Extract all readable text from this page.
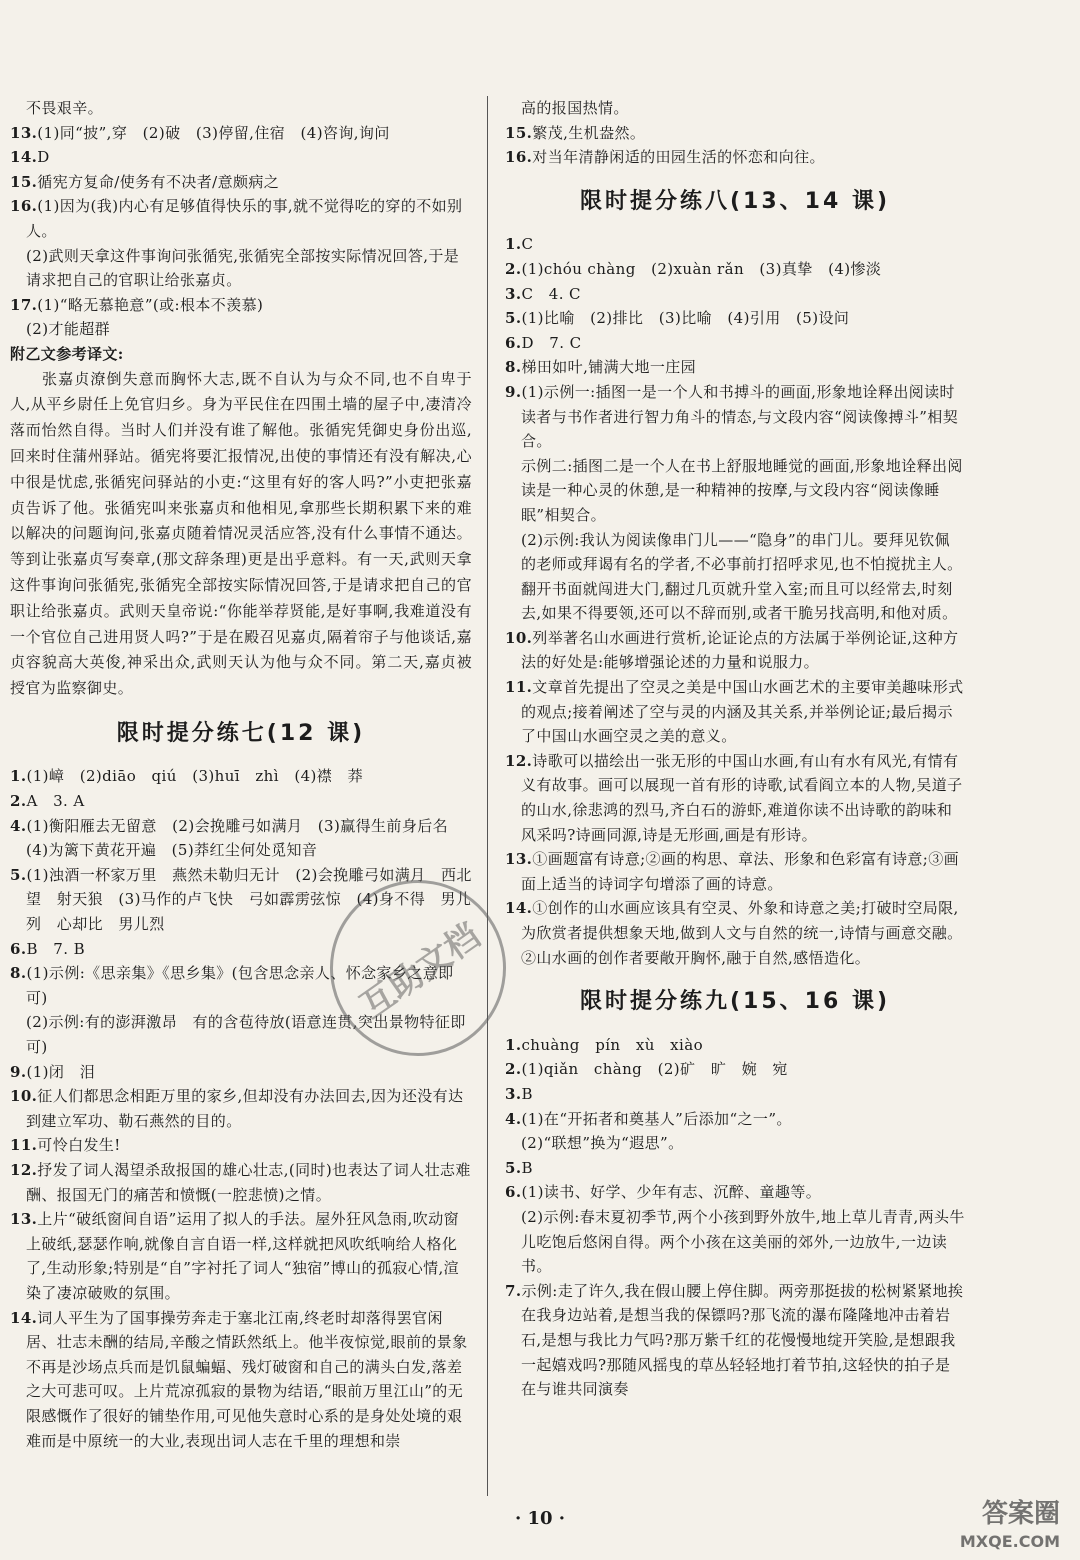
不畏艰辛。
13.(1)同“披”,穿　(2)破　(3)停留,住宿　(4)咨询,询问
14.D
15.循宪方复命/使务有不决者/意颇病之
16.(1)因为(我)内心有足够值得快乐的事,就不觉得吃的穿的不如别人。
(2)武则天拿这件事询问张循宪,张循宪全部按实际情况回答,于是请求把自己的官职让给张嘉贞。
17.(1)“略无慕艳意”(或:根本不羡慕)
(2)才能超群
附乙文参考译文:

张嘉贞潦倒失意而胸怀大志,既不自认为与众不同,也不自卑于人,从平乡尉任上免官归乡。身为平民住在四围土墙的屋子中,凄清冷落而怡然自得。当时人们并没有谁了解他。张循宪凭御史身份出巡,回来时住蒲州驿站。循宪将要汇报情况,出使的事情还有没有解决,心中很是忧虑,张循宪问驿站的小吏:“这里有好的客人吗?”小吏把张嘉贞告诉了他。张循宪叫来张嘉贞和他相见,拿那些长期积累下来的难以解决的问题询问,张嘉贞随着情况灵活应答,没有什么事情不通达。等到让张嘉贞写奏章,(那文辞条理)更是出乎意料。有一天,武则天拿这件事询问张循宪,张循宪全部按实际情况回答,于是请求把自己的官职让给张嘉贞。武则天皇帝说:“你能举荐贤能,是好事啊,我难道没有一个官位自己进用贤人吗?”于是在殿召见嘉贞,隔着帘子与他谈话,嘉贞容貌高大英俊,神采出众,武则天认为他与众不同。第二天,嘉贞被授官为监察御史。

限时提分练七(12 课)
1.(1)嶂　(2)diāo　qiú　(3)huī　zhì　(4)襟　莽
2.A　3. A
4.(1)衡阳雁去无留意　(2)会挽雕弓如满月　(3)赢得生前身后名　(4)为篱下黄花开遍　(5)莽红尘何处觅知音
5.(1)浊酒一杯家万里　燕然未勒归无计　(2)会挽雕弓如满月　西北望　射天狼　(3)马作的卢飞快　弓如霹雳弦惊　(4)身不得　男儿列　心却比　男儿烈
6.B　7. B
8.(1)示例:《思亲集》《思乡集》(包含思念亲人、怀念家乡之意即可)
(2)示例:有的澎湃激昂　有的含苞待放(语意连贯,突出景物特征即可)
9.(1)闭　泪
10.征人们都思念相距万里的家乡,但却没有办法回去,因为还没有达到建立军功、勒石燕然的目的。
11.可怜白发生!
12.抒发了词人渴望杀敌报国的雄心壮志,(同时)也表达了词人壮志难酬、报国无门的痛苦和愤慨(一腔悲愤)之情。
13.上片“破纸窗间自语”运用了拟人的手法。屋外狂风急雨,吹动窗上破纸,瑟瑟作响,就像自言自语一样,这样就把风吹纸响给人格化了,生动形象;特别是“自”字衬托了词人“独宿”博山的孤寂心情,渲染了凄凉破败的氛围。
14.词人平生为了国事操劳奔走于塞北江南,终老时却落得罢官闲居、壮志未酬的结局,辛酸之情跃然纸上。他半夜惊觉,眼前的景象不再是沙场点兵而是饥鼠蝙蝠、残灯破窗和自己的满头白发,落差之大可悲可叹。上片荒凉孤寂的景物为结语,“眼前万里江山”的无限感慨作了很好的铺垫作用,可见他失意时心系的是身处处境的艰难而是中原统一的大业,表现出词人志在千里的理想和崇
高的报国热情。
15.繁茂,生机盎然。
16.对当年清静闲适的田园生活的怀恋和向往。
限时提分练八(13、14 课)
1.C
2.(1)chóu chàng　(2)xuàn rǎn　(3)真挚　(4)惨淡
3.C　4. C
5.(1)比喻　(2)排比　(3)比喻　(4)引用　(5)设问
6.D　7. C
8.梯田如叶,铺满大地一庄园
9.(1)示例一:插图一是一个人和书搏斗的画面,形象地诠释出阅读时读者与书作者进行智力角斗的情态,与文段内容“阅读像搏斗”相契合。
示例二:插图二是一个人在书上舒服地睡觉的画面,形象地诠释出阅读是一种心灵的休憩,是一种精神的按摩,与文段内容“阅读像睡眠”相契合。
(2)示例:我认为阅读像串门儿——“隐身”的串门儿。要拜见钦佩的老师或拜谒有名的学者,不必事前打招呼求见,也不怕搅扰主人。翻开书面就闯进大门,翻过几页就升堂入室;而且可以经常去,时刻去,如果不得要领,还可以不辞而别,或者干脆另找高明,和他对质。
10.列举著名山水画进行赏析,论证论点的方法属于举例论证,这种方法的好处是:能够增强论述的力量和说服力。
11.文章首先提出了空灵之美是中国山水画艺术的主要审美趣味形式的观点;接着阐述了空与灵的内涵及其关系,并举例论证;最后揭示了中国山水画空灵之美的意义。
12.诗歌可以描绘出一张无形的中国山水画,有山有水有风光,有情有义有故事。画可以展现一首有形的诗歌,试看阎立本的人物,吴道子的山水,徐悲鸿的烈马,齐白石的游虾,难道你读不出诗歌的韵味和风采吗?诗画同源,诗是无形画,画是有形诗。
13.①画题富有诗意;②画的构思、章法、形象和色彩富有诗意;③画面上适当的诗词字句增添了画的诗意。
14.①创作的山水画应该具有空灵、外象和诗意之美;打破时空局限,为欣赏者提供想象天地,做到人文与自然的统一,诗情与画意交融。②山水画的创作者要敞开胸怀,融于自然,感悟造化。
限时提分练九(15、16 课)
1.chuàng　pín　xù　xiào
2.(1)qiǎn　chàng　(2)矿　旷　婉　宛
3.B
4.(1)在“开拓者和奠基人”后添加“之一”。
(2)“联想”换为“遐思”。
5.B
6.(1)读书、好学、少年有志、沉醉、童趣等。
(2)示例:春末夏初季节,两个小孩到野外放牛,地上草儿青青,两头牛儿吃饱后悠闲自得。两个小孩在这美丽的郊外,一边放牛,一边读书。
7.示例:走了许久,我在假山腰上停住脚。两旁那挺拔的松树紧紧地挨在我身边站着,是想当我的保镖吗?那飞流的瀑布隆隆地冲击着岩石,是想与我比力气吗?那万紫千红的花慢慢地绽开笑脸,是想跟我一起嬉戏吗?那随风摇曳的草丛轻轻地打着节拍,这轻快的拍子是在与谁共同演奏
互助文档
· 10 ·	答案圈
MXQE.COM
